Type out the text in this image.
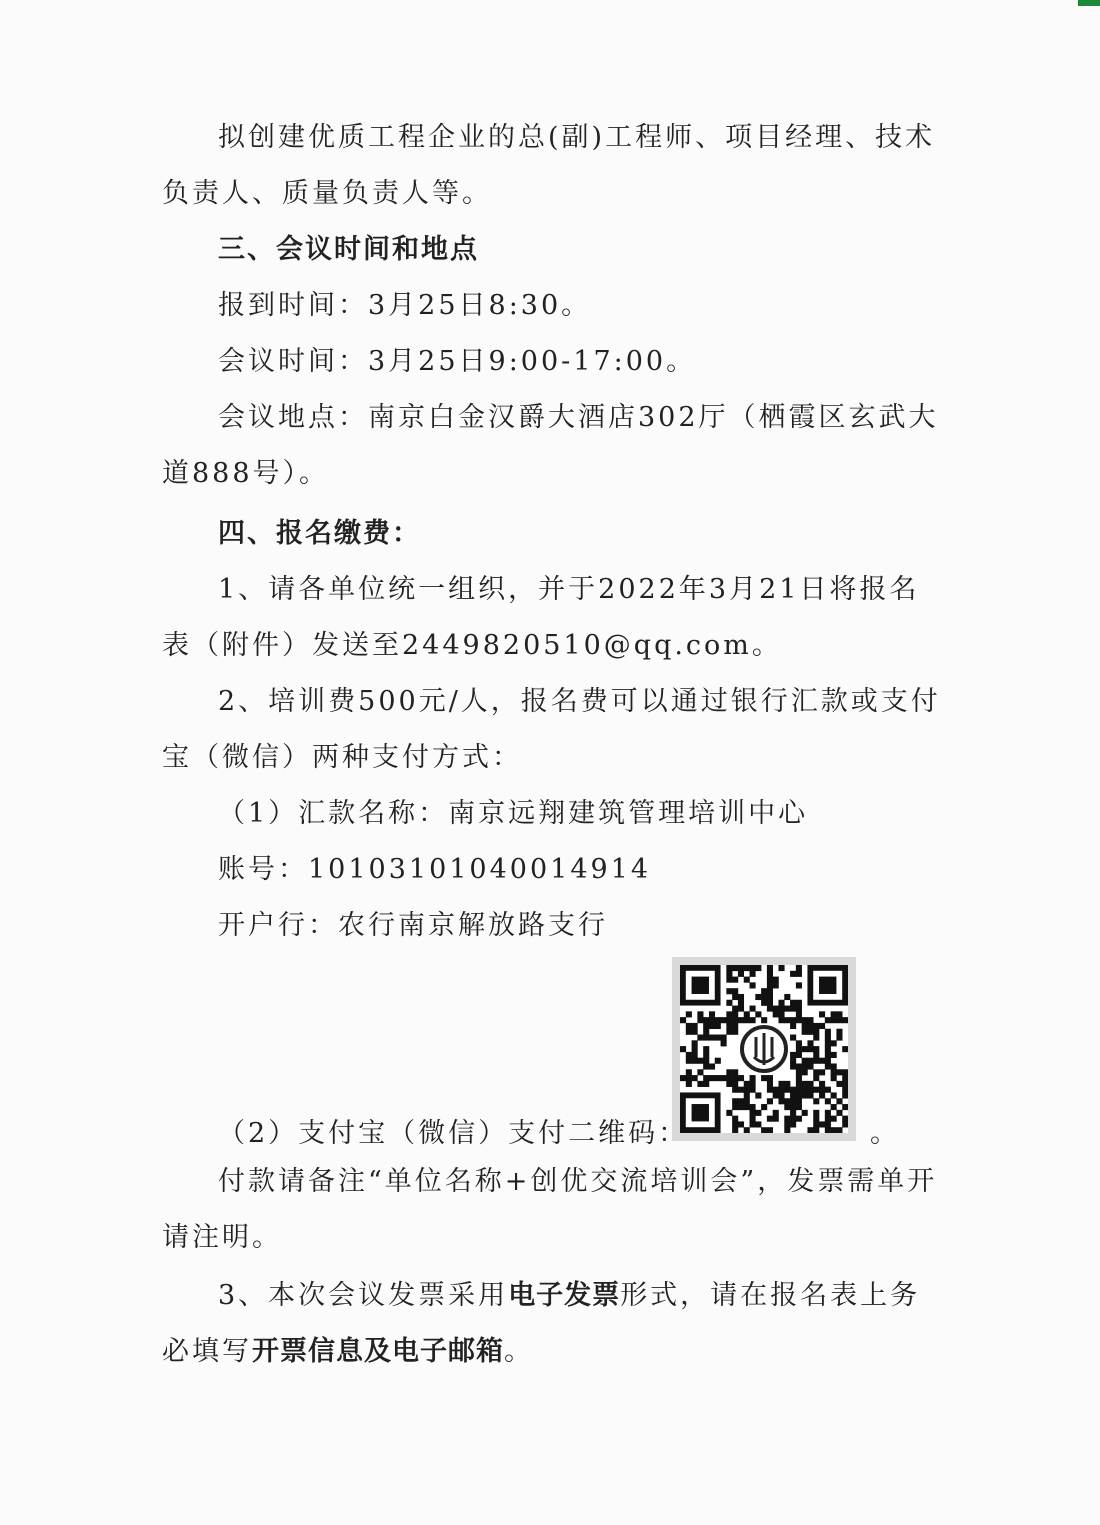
拟创建优质工程企业的总(副)工程师、项目经理、技术
负责人、质量负责人等。
三、会议时间和地点
报到时间：3月25日8:30。
会议时间：3月25日9:00-17:00。
会议地点：南京白金汉爵大酒店302厅（栖霞区玄武大
道888号）。
四、报名缴费：
1、请各单位统一组织，并于2022年3月21日将报名
表（附件）发送至2449820510@qq.com。
2、培训费500元/人，报名费可以通过银行汇款或支付
宝（微信）两种支付方式：
（1）汇款名称：南京远翔建筑管理培训中心
账号：10103101040014914
开户行：农行南京解放路支行
（2）支付宝（微信）支付二维码：	。
付款请备注“单位名称+创优交流培训会”，发票需单开
请注明。
3、本次会议发票采用电子发票形式，请在报名表上务
必填写开票信息及电子邮箱。
